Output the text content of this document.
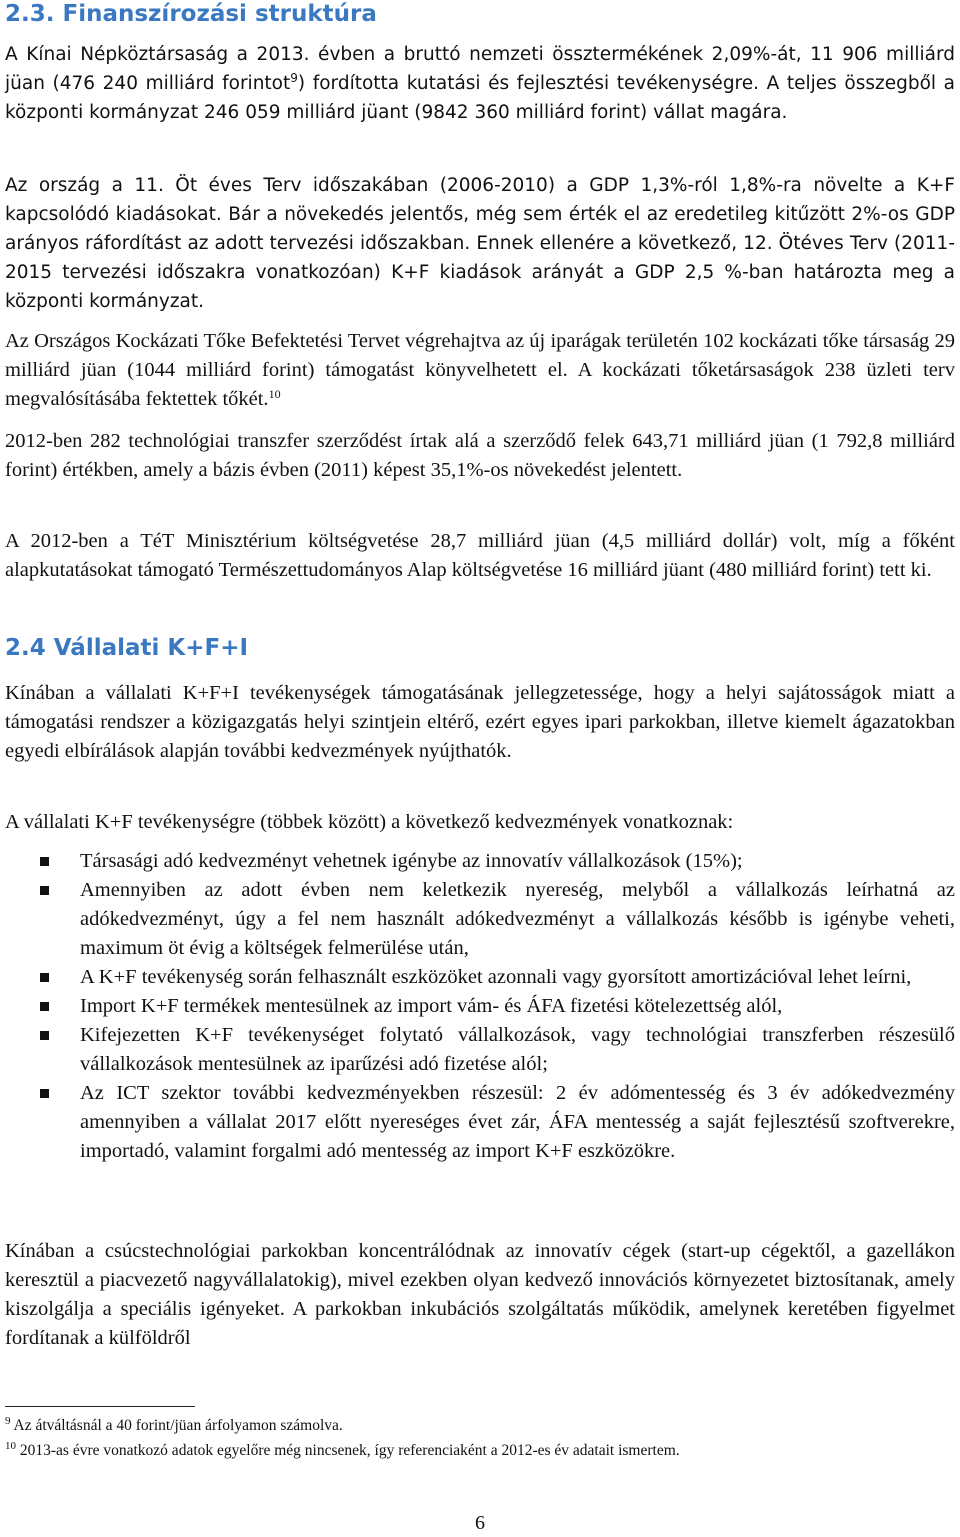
2.3. Finanszírozási struktúra

A Kínai Népköztársaság a 2013. évben a bruttó nemzeti össztermékének 2,09%-át, 11 906 milliárd jüan (476 240 milliárd forintot$^9$) fordította kutatási és fejlesztési tevékenységre. A teljes összegből a központi kormányzat 246 059 milliárd jüant (9842 360 milliárd forint) vállat magára.

Az ország a 11. Öt éves Terv időszakában (2006-2010) a GDP 1,3%-ról 1,8%-ra növelte a K+F kapcsolódó kiadásokat. Bár a növekedés jelentős, még sem érték el az eredetileg kitűzött 2%-os GDP arányos ráfordítást az adott tervezési időszakban. Ennek ellenére a következő, 12. Ötéves Terv (2011-2015 tervezési időszakra vonatkozóan) K+F kiadások arányát a GDP 2,5 %-ban határozta meg a központi kormányzat.

Az Országos Kockázati Tőke Befektetési Tervet végrehajtva az új iparágak területén 102 kockázati tőke társaság 29 milliárd jüan (1044 milliárd forint) támogatást könyvelhetett el. A kockázati tőketársaságok 238 üzleti terv megvalósításába fektettek tőkét.$^{10}$

2012-ben 282 technológiai transzfer szerződést írtak alá a szerződő felek 643,71 milliárd jüan (1 792,8 milliárd forint) értékben, amely a bázis évben (2011) képest 35,1%-os növekedést jelentett.

A 2012-ben a TéT Minisztérium költségvetése 28,7 milliárd jüan (4,5 milliárd dollár) volt, míg a főként alapkutatásokat támogató Természettudományos Alap költségvetése 16 milliárd jüant (480 milliárd forint) tett ki.

2.4 Vállalati K+F+I

Kínában a vállalati K+F+I tevékenységek támogatásának jellegzetessége, hogy a helyi sajátosságok miatt a támogatási rendszer a közigazgatás helyi szintjein eltérő, ezért egyes ipari parkokban, illetve kiemelt ágazatokban egyedi elbírálások alapján további kedvezmények nyújthatók.

A vállalati K+F tevékenységre (többek között) a következő kedvezmények vonatkoznak:

Társasági adó kedvezményt vehetnek igénybe az innovatív vállalkozások (15%);
Amennyiben az adott évben nem keletkezik nyereség, melyből a vállalkozás leírhatná az adókedvezményt, úgy a fel nem használt adókedvezményt a vállalkozás később is igénybe veheti, maximum öt évig a költségek felmerülése után,
A K+F tevékenység során felhasznált eszközöket azonnali vagy gyorsított amortizációval lehet leírni,
Import K+F termékek mentesülnek az import vám- és ÁFA fizetési kötelezettség alól,
Kifejezetten K+F tevékenységet folytató vállalkozások, vagy technológiai transzferben részesülő vállalkozások mentesülnek az iparűzési adó fizetése alól;
Az ICT szektor további kedvezményekben részesül: 2 év adómentesség és 3 év adókedvezmény amennyiben a vállalat 2017 előtt nyereséges évet zár, ÁFA mentesség a saját fejlesztésű szoftverekre, importadó, valamint forgalmi adó mentesség az import K+F eszközökre.

Kínában a csúcstechnológiai parkokban koncentrálódnak az innovatív cégek (start-up cégektől, a gazellákon keresztül a piacvezető nagyvállalatokig), mivel ezekben olyan kedvező innovációs környezetet biztosítanak, amely kiszolgálja a speciális igényeket. A parkokban inkubációs szolgáltatás működik, amelynek keretében figyelmet fordítanak a külföldről

$^9$ Az átváltásnál a 40 forint/jüan árfolyamon számolva.
$^{10}$ 2013-as évre vonatkozó adatok egyelőre még nincsenek, így referenciaként a 2012-es év adatait ismertem.
6
